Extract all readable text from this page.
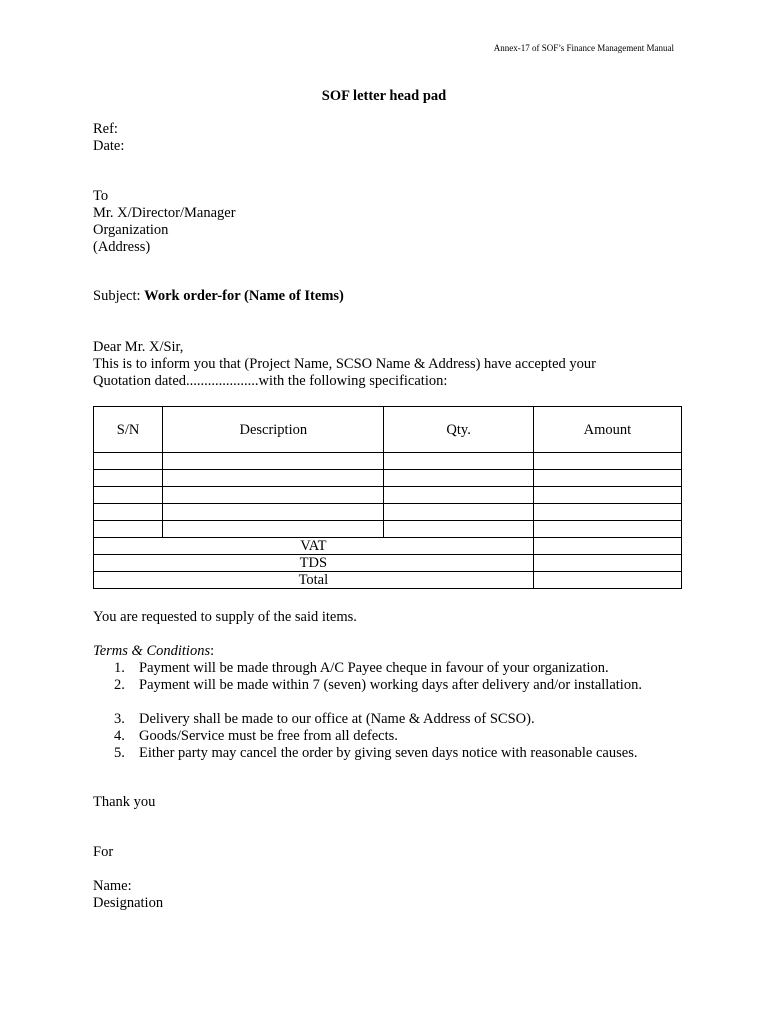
Annex-17 of SOF’s Finance Management Manual
SOF letter head pad
Ref:
Date:
To
Mr. X/Director/Manager
Organization
(Address)
Subject: Work order-for (Name of Items)
Dear Mr. X/Sir,
This is to inform you that (Project Name, SCSO Name & Address) have accepted your
Quotation dated....................with the following specification:
S/N	Description	Qty.	Amount

VAT			
TDS			
Total			
You are requested to supply of the said items.
Terms & Conditions:
1. Payment will be made through A/C Payee cheque in favour of your organization.
2. Payment will be made within 7 (seven) working days after delivery and/or installation.
3. Delivery shall be made to our office at (Name & Address of SCSO).
4. Goods/Service must be free from all defects.
5. Either party may cancel the order by giving seven days notice with reasonable causes.
Thank you
For
Name:
Designation
